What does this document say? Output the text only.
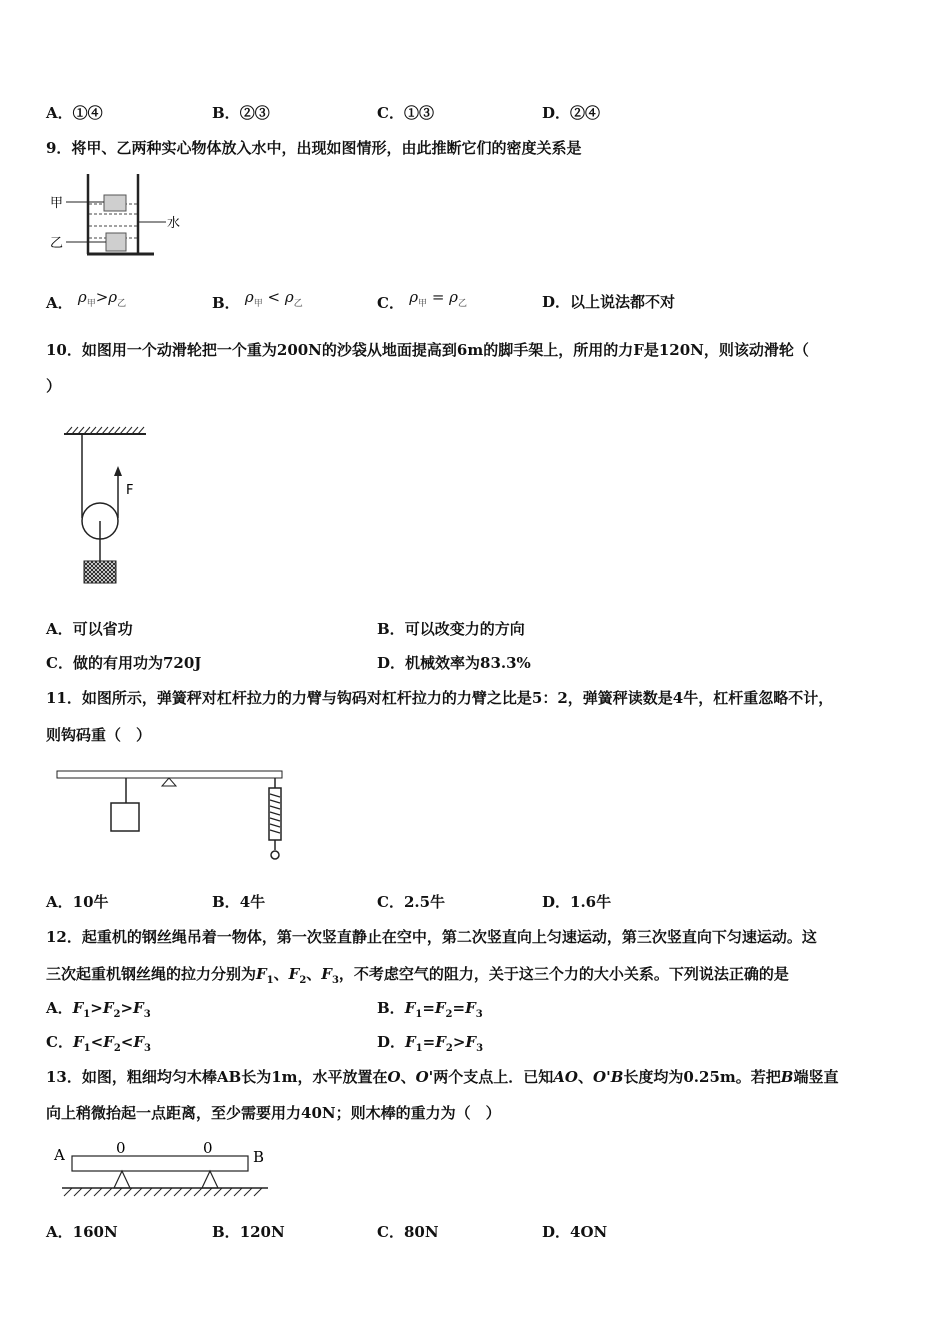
A．①④	B．②③	C．①③	D．②④
9．将甲、乙两种实心物体放入水中，出现如图情形，由此推断它们的密度关系是
甲
乙
水
A． $\rho_甲>\rho_乙$	B． $\rho_甲 < \rho_乙$	C． $\rho_甲 = \rho_乙$	D．以上说法都不对
10．如图用一个动滑轮把一个重为200N的沙袋从地面提高到6m的脚手架上，所用的力F是120N，则该动滑轮（
）
F
A．可以省功	B．可以改变力的方向
C．做的有用功为720J	D．机械效率为83.3%
11．如图所示，弹簧秤对杠杆拉力的力臂与钩码对杠杆拉力的力臂之比是5：2，弹簧秤读数是4牛，杠杆重忽略不计，
则钩码重（　）
A．10牛	B．4牛	C．2.5牛	D．1.6牛
12．起重机的钢丝绳吊着一物体，第一次竖直静止在空中，第二次竖直向上匀速运动，第三次竖直向下匀速运动。这
三次起重机钢丝绳的拉力分别为$F_1$、$F_2$、$F_3$，不考虑空气的阻力，关于这三个力的大小关系。下列说法正确的是
A．$F_1>F_2>F_3$	B．$F_1=F_2=F_3$
C．$F_1<F_2<F_3$	D．$F_1=F_2>F_3$
13．如图，粗细均匀木棒AB长为1m，水平放置在O、O'两个支点上．已知AO、O'B长度均为0.25m。若把B端竖直
向上稍微抬起一点距离，至少需要用力40N；则木棒的重力为（　）
A	B
0	0
A．160N	B．120N	C．80N	D．4ON
